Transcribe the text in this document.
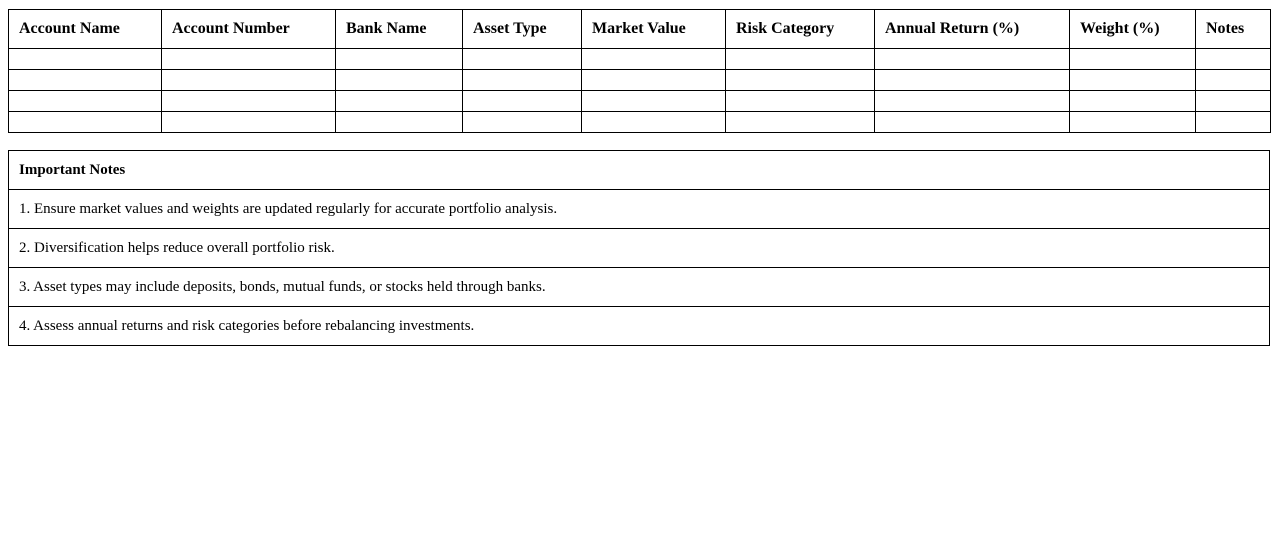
Account Name	Account Number	Bank Name	Asset Type	Market Value	Risk Category	Annual Return (%)	Weight (%)	Notes

Important Notes
1. Ensure market values and weights are updated regularly for accurate portfolio analysis.
2. Diversification helps reduce overall portfolio risk.
3. Asset types may include deposits, bonds, mutual funds, or stocks held through banks.
4. Assess annual returns and risk categories before rebalancing investments.
